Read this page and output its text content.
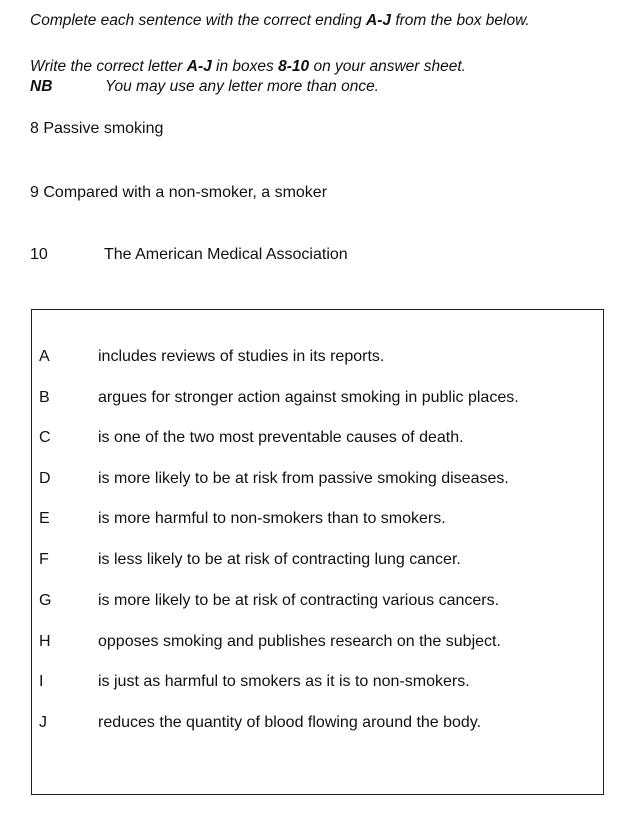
Complete each sentence with the correct ending A-J from the box below.
Write the correct letter A-J in boxes 8-10 on your answer sheet.
NB	You may use any letter more than once.
8 Passive smoking
9 Compared with a non-smoker, a smoker
10	The American Medical Association
A	includes reviews of studies in its reports.
B	argues for stronger action against smoking in public places.
C	is one of the two most preventable causes of death.
D	is more likely to be at risk from passive smoking diseases.
E	is more harmful to non-smokers than to smokers.
F	is less likely to be at risk of contracting lung cancer.
G	is more likely to be at risk of contracting various cancers.
H	opposes smoking and publishes research on the subject.
I	is just as harmful to smokers as it is to non-smokers.
J	reduces the quantity of blood flowing around the body.
